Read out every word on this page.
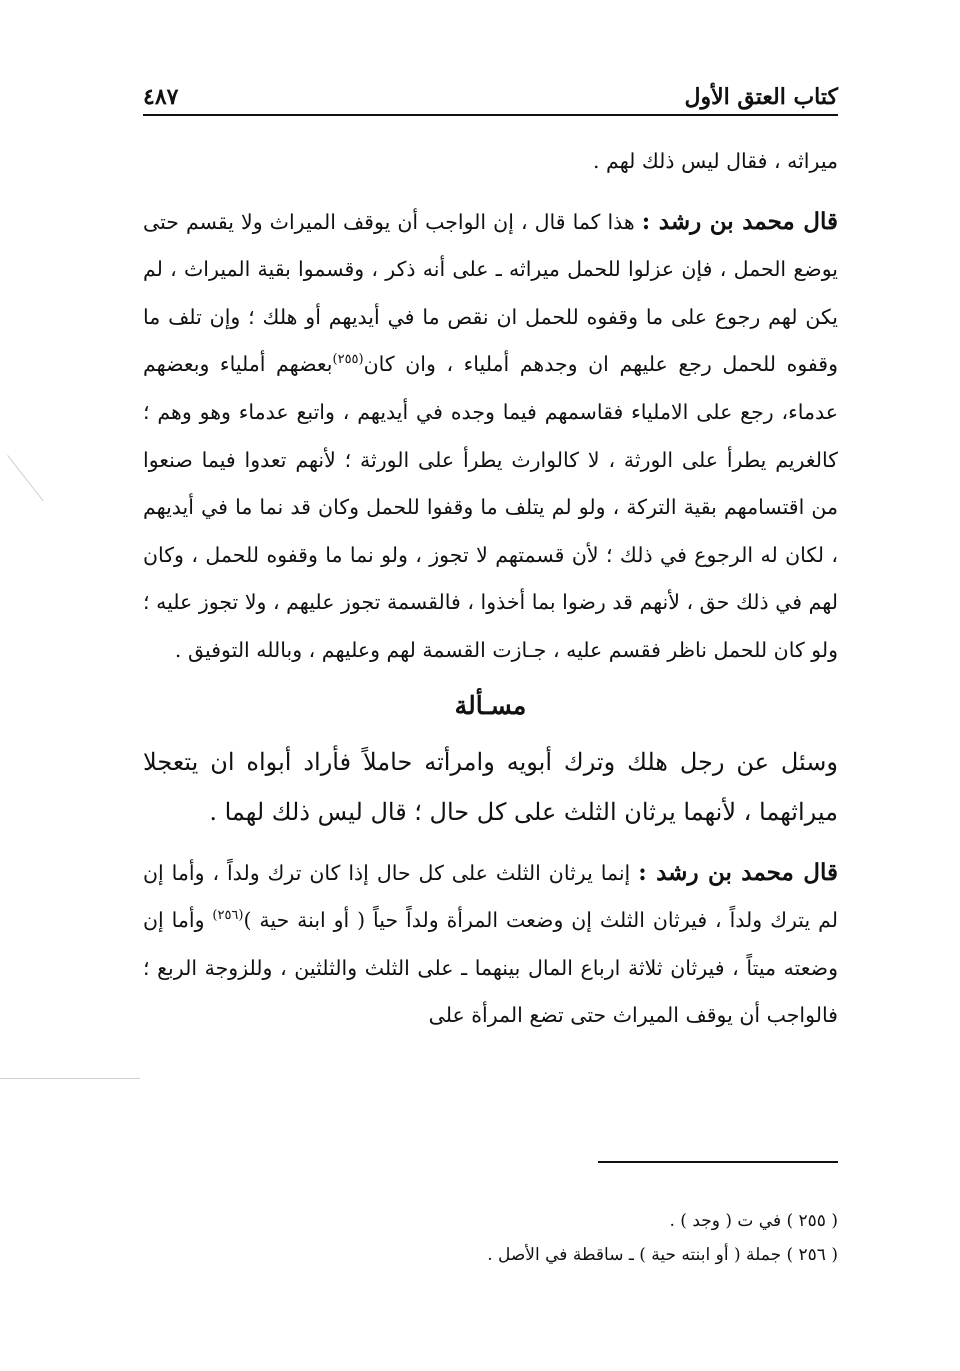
كتاب العتق الأول
٤٨٧

ميراثه ، فقال ليس ذلك لهم .

قال محمد بن رشد : هذا كما قال ، إن الواجب أن يوقف الميراث ولا يقسم حتى يوضع الحمل ، فإن عزلوا للحمل ميراثه ـ على أنه ذكر ، وقسموا بقية الميراث ، لم يكن لهم رجوع على ما وقفوه للحمل ان نقص ما في أيديهم أو هلك ؛ وإن تلف ما وقفوه للحمل رجع عليهم ان وجدهم أملياء ، وان كان$^{(٢٥٥)}$بعضهم أملياء وبعضهم عدماء، رجع على الامليا‌ء فقاسمهم فيما وجده في أيديهم ، واتبع عدماء وهو وهم ؛ كالغريم يطرأ على الورثة ، لا كالوارث يطرأ على الورثة ؛ لأنهم تعدوا فيما صنعوا من اقتسامهم بقية التركة ، ولو لم يتلف ما وقفوا للحمل وكان قد نما ما في أيديهم ، لكان له الرجوع في ذلك ؛ لأن قسمتهم لا تجوز ، ولو نما ما وقفوه للحمل ، وكان لهم في ذلك حق ، لأنهم قد رضوا بما أخذوا ، فالقسمة تجوز عليهم ، ولا تجوز عليه ؛ ولو كان للحمل ناظر فقسم عليه ، جـازت القسمة لهم وعليهم ، وبالله التوفيق .

مسـألة

وسئل عن رجل هلك وترك أبويه وامرأته حاملاً فأراد أبواه ان يتعجلا ميراثهما ، لأنهما يرثان الثلث على كل حال ؛ قال ليس ذلك لهما .

قال محمد بن رشد : إنما يرثان الثلث على كل حال إذا كان ترك ولداً ، وأما إن لم يترك ولداً ، فيرثان الثلث إن وضعت المرأة ولداً حياً ( أو ابنة حية )$^{(٢٥٦)}$ وأما إن وضعته ميتاً ، فيرثان ثلاثة اربا‌ع المال بينهما ـ على الثلث والثلثين ، وللزوجة الربع ؛ فالواجب أن يوقف الميراث حتى تضع المرأة على

( ٢٥٥ ) في ت ( وجد ) .
( ٢٥٦ ) جملة ( أو ابنته حية ) ـ ساقطة في الأصل .
